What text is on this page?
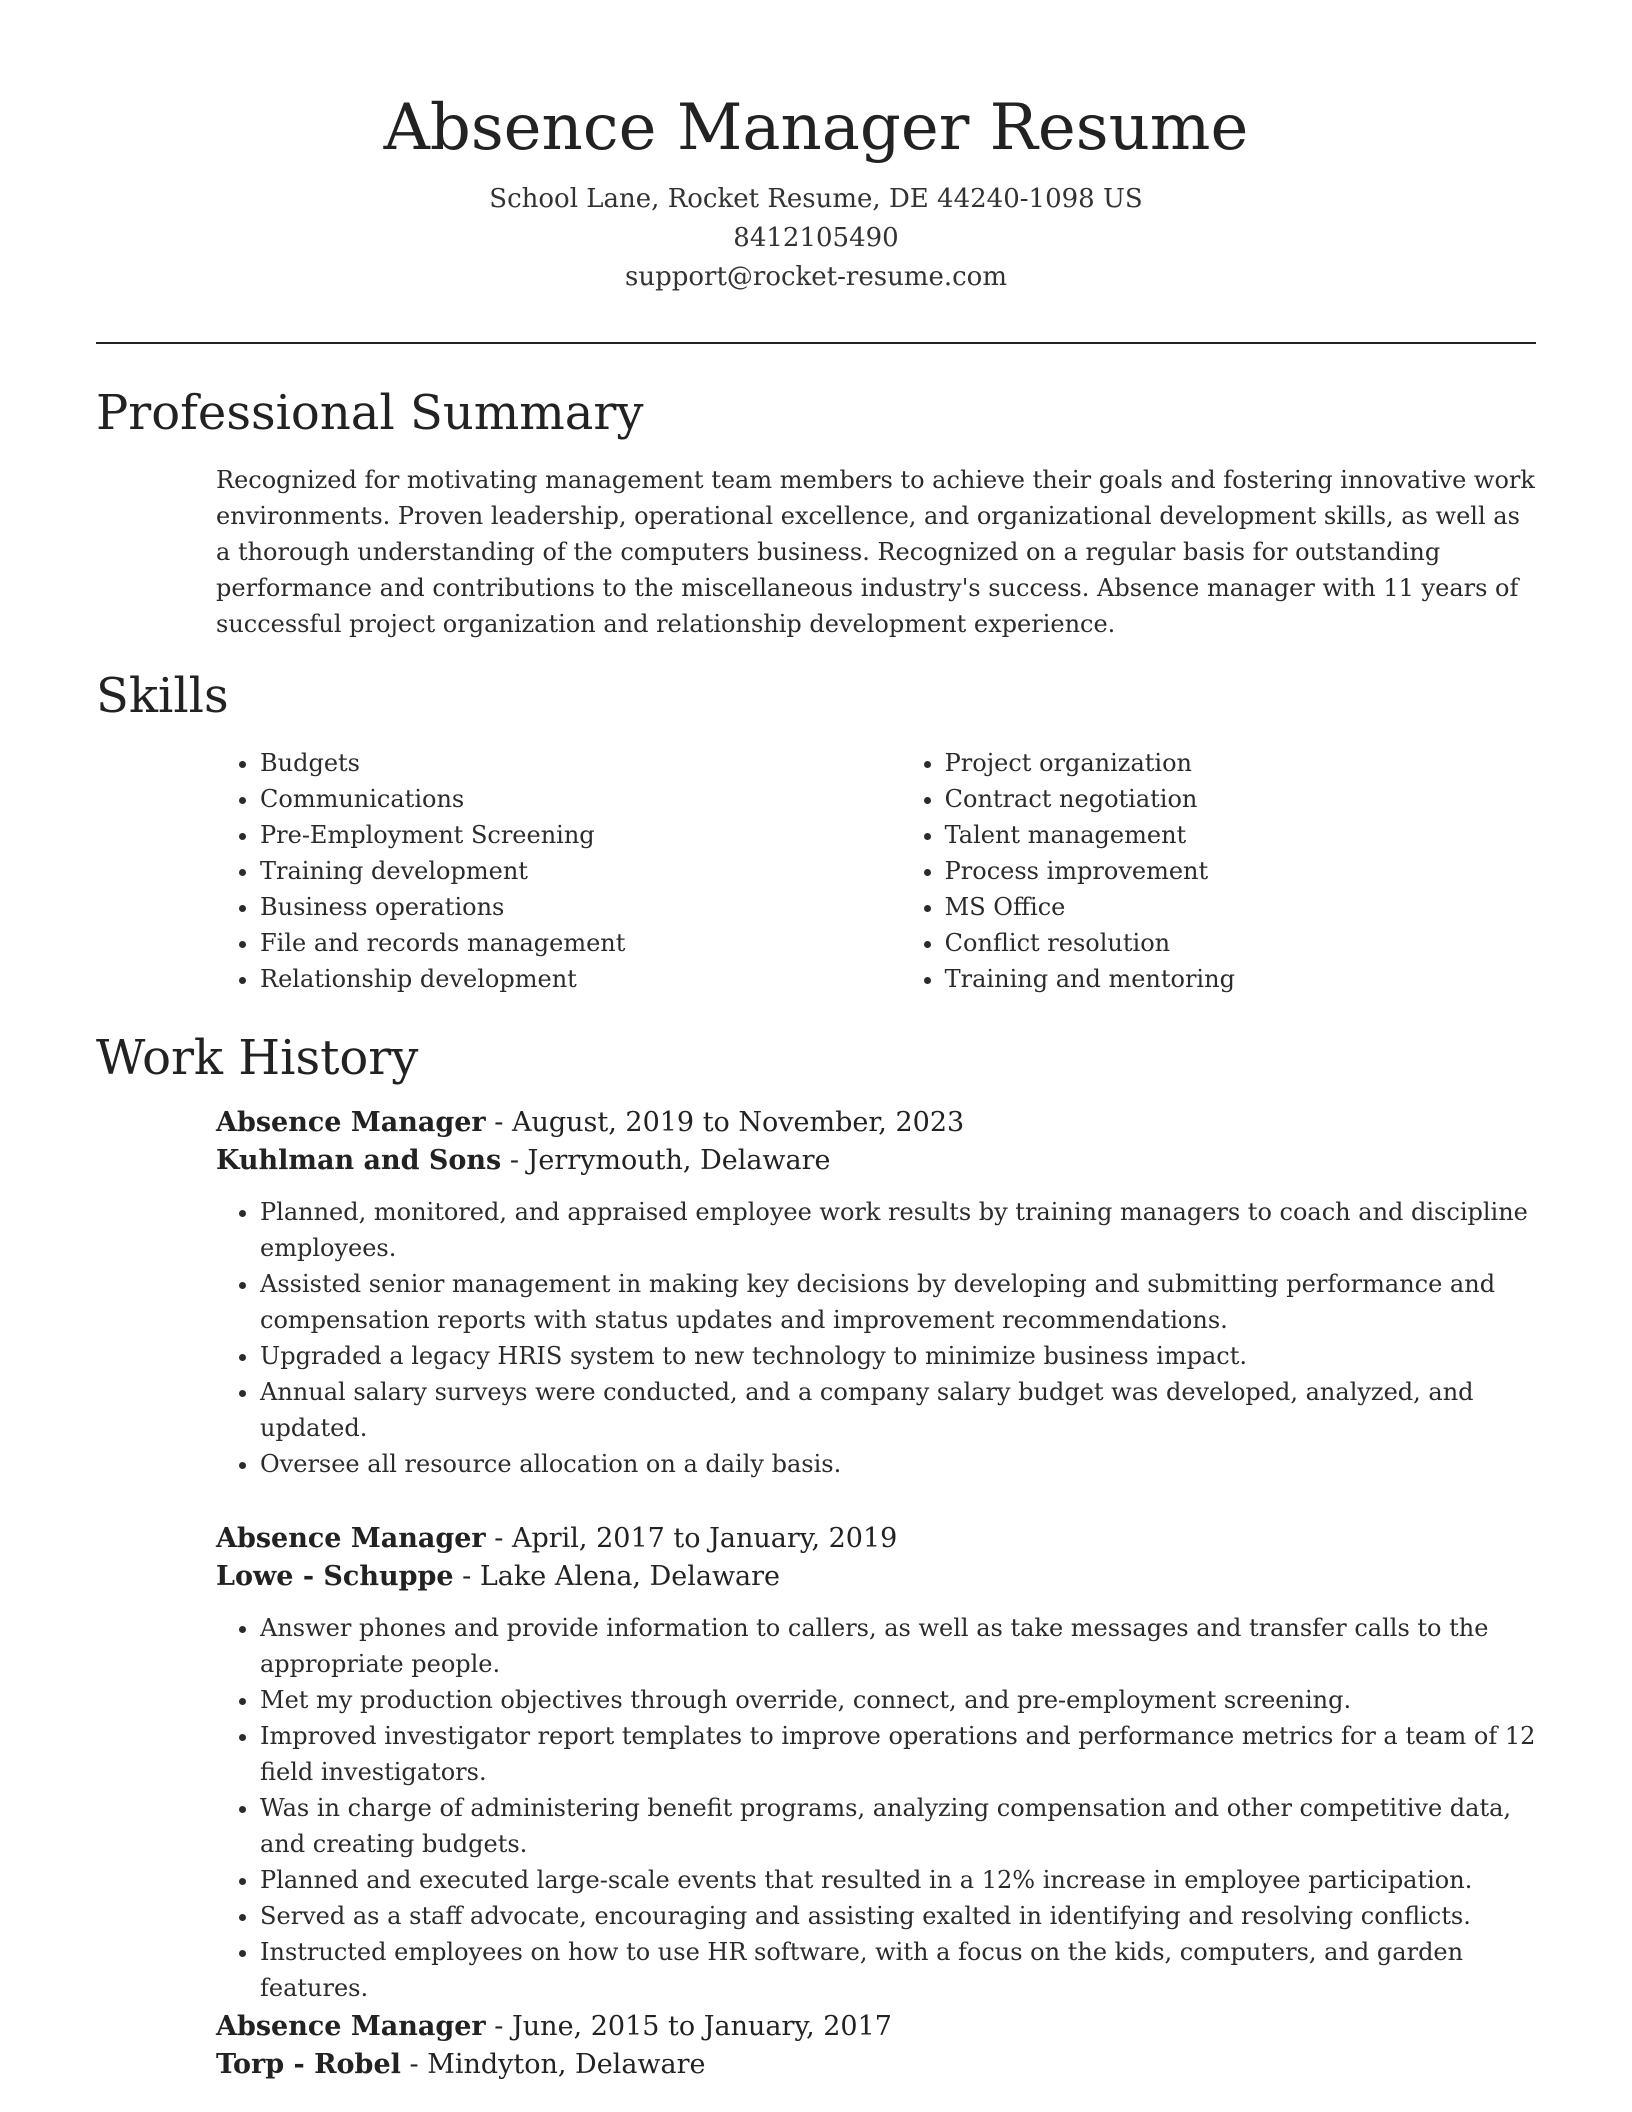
Absence Manager Resume
School Lane, Rocket Resume, DE 44240-1098 US
8412105490
support@rocket-resume.com
Professional Summary

Recognized for motivating management team members to achieve their goals and fostering innovative work environments. Proven leadership, operational excellence, and organizational development skills, as well as a thorough understanding of the computers business. Recognized on a regular basis for outstanding performance and contributions to the miscellaneous industry's success. Absence manager with 11 years of successful project organization and relationship development experience.

Skills
• Budgets
• Communications
• Pre-Employment Screening
• Training development
• Business operations
• File and records management
• Relationship development
• Project organization
• Contract negotiation
• Talent management
• Process improvement
• MS Office
• Conflict resolution
• Training and mentoring
Work History
Absence Manager - August, 2019 to November, 2023
Kuhlman and Sons - Jerrymouth, Delaware
• Planned, monitored, and appraised employee work results by training managers to coach and discipline employees.
• Assisted senior management in making key decisions by developing and submitting performance and compensation reports with status updates and improvement recommendations.
• Upgraded a legacy HRIS system to new technology to minimize business impact.
• Annual salary surveys were conducted, and a company salary budget was developed, analyzed, and updated.
• Oversee all resource allocation on a daily basis.
Absence Manager - April, 2017 to January, 2019
Lowe - Schuppe - Lake Alena, Delaware
• Answer phones and provide information to callers, as well as take messages and transfer calls to the appropriate people.
• Met my production objectives through override, connect, and pre-employment screening.
• Improved investigator report templates to improve operations and performance metrics for a team of 12 field investigators.
• Was in charge of administering benefit programs, analyzing compensation and other competitive data, and creating budgets.
• Planned and executed large-scale events that resulted in a 12% increase in employee participation.
• Served as a staff advocate, encouraging and assisting exalted in identifying and resolving conflicts.
• Instructed employees on how to use HR software, with a focus on the kids, computers, and garden features.
Absence Manager - June, 2015 to January, 2017
Torp - Robel - Mindyton, Delaware
